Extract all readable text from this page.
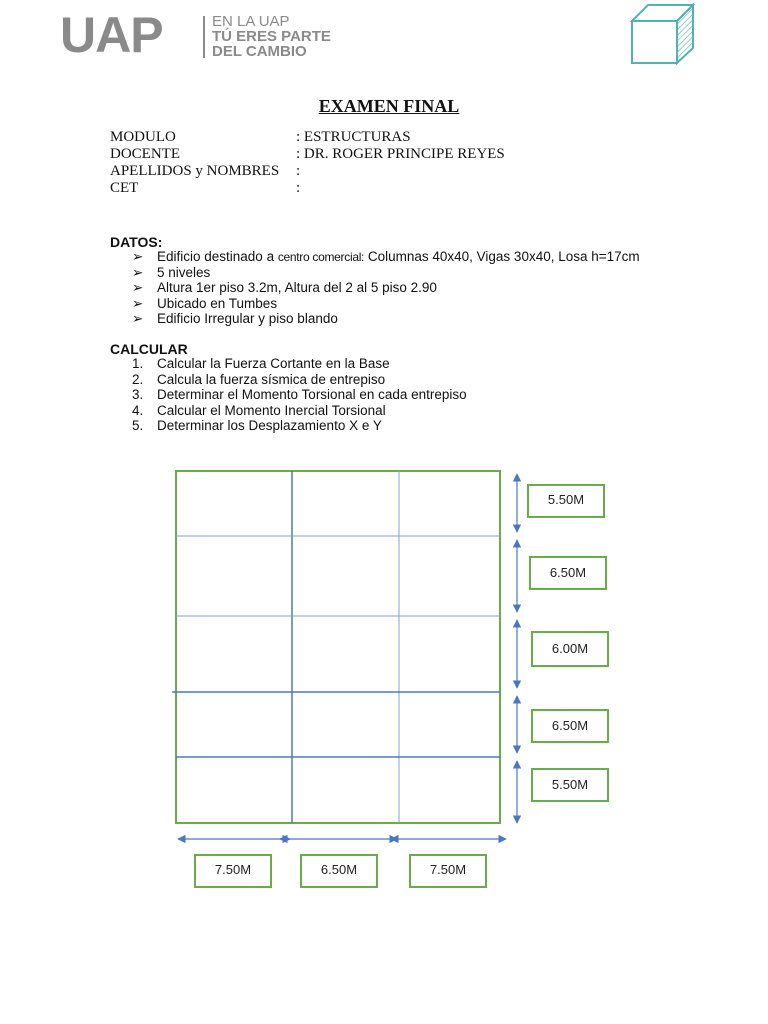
UAP	EN LA UAP
TÚ ERES PARTE
DEL CAMBIO
EXAMEN FINAL
MODULO	: ESTRUCTURAS
DOCENTE	: DR. ROGER PRINCIPE REYES
APELLIDOS y NOMBRES :
CET	:
DATOS:
➢	Edificio destinado a centro comercial: Columnas 40x40, Vigas 30x40, Losa h=17cm
➢	5 niveles
➢	Altura 1er piso 3.2m, Altura del 2 al 5 piso 2.90
➢	Ubicado en Tumbes
➢	Edificio Irregular y piso blando
CALCULAR
1.	Calcular la Fuerza Cortante en la Base
2.	Calcula la fuerza sísmica de entrepiso
3.	Determinar el Momento Torsional en cada entrepiso
4.	Calcular el Momento Inercial Torsional
5.	Determinar los Desplazamiento X e Y
5.50M
6.50M
6.00M
6.50M
5.50M
7.50M	6.50M	7.50M
